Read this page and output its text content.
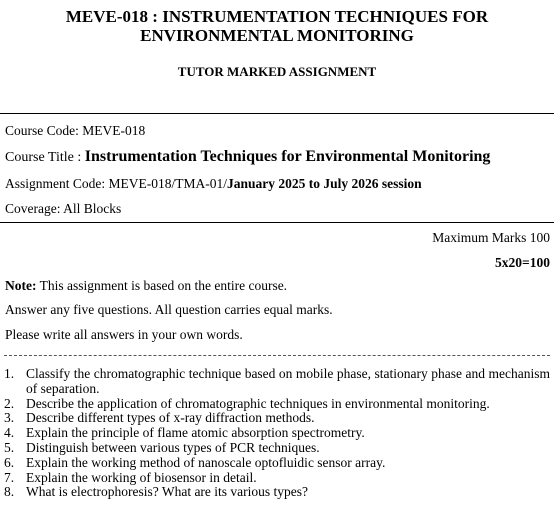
MEVE-018 : INSTRUMENTATION TECHNIQUES FOR
ENVIRONMENTAL MONITORING
TUTOR MARKED ASSIGNMENT
Course Code: MEVE-018
Course Title : Instrumentation Techniques for Environmental Monitoring
Assignment Code: MEVE-018/TMA-01/January 2025 to July 2026 session
Coverage: All Blocks
Maximum Marks 100
5x20=100
Note: This assignment is based on the entire course.
Answer any five questions. All question carries equal marks.
Please write all answers in your own words.
1. Classify the chromatographic technique based on mobile phase, stationary phase and mechanism of separation.
2. Describe the application of chromatographic techniques in environmental monitoring.
3. Describe different types of x-ray diffraction methods.
4. Explain the principle of flame atomic absorption spectrometry.
5. Distinguish between various types of PCR techniques.
6. Explain the working method of nanoscale optofluidic sensor array.
7. Explain the working of biosensor in detail.
8. What is electrophoresis? What are its various types?
